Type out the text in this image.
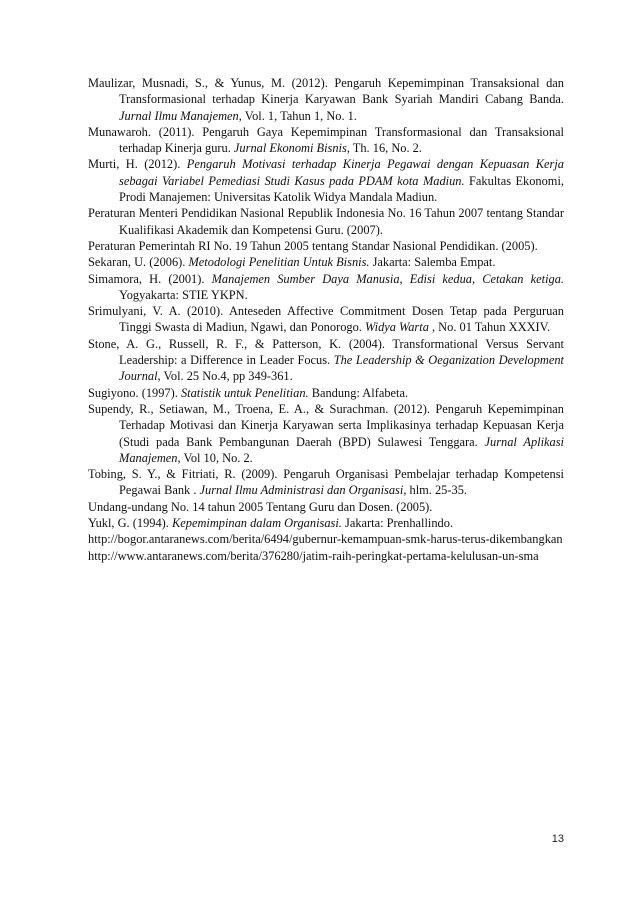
Maulizar, Musnadi, S., & Yunus, M. (2012). Pengaruh Kepemimpinan Transaksional dan Transformasional terhadap Kinerja Karyawan Bank Syariah Mandiri Cabang Banda. Jurnal Ilmu Manajemen, Vol. 1, Tahun 1, No. 1.

Munawaroh. (2011). Pengaruh Gaya Kepemimpinan Transformasional dan Transaksional terhadap Kinerja guru. Jurnal Ekonomi Bisnis, Th. 16, No. 2.

Murti, H. (2012). Pengaruh Motivasi terhadap Kinerja Pegawai dengan Kepuasan Kerja sebagai Variabel Pemediasi Studi Kasus pada PDAM kota Madiun. Fakultas Ekonomi, Prodi Manajemen: Universitas Katolik Widya Mandala Madiun.

Peraturan Menteri Pendidikan Nasional Republik Indonesia No. 16 Tahun 2007 tentang Standar Kualifikasi Akademik dan Kompetensi Guru. (2007).

Peraturan Pemerintah RI No. 19 Tahun 2005 tentang Standar Nasional Pendidikan. (2005).

Sekaran, U. (2006). Metodologi Penelitian Untuk Bisnis. Jakarta: Salemba Empat.

Simamora, H. (2001). Manajemen Sumber Daya Manusia, Edisi kedua, Cetakan ketiga. Yogyakarta: STIE YKPN.

Srimulyani, V. A. (2010). Anteseden Affective Commitment Dosen Tetap pada Perguruan Tinggi Swasta di Madiun, Ngawi, dan Ponorogo. Widya Warta , No. 01 Tahun XXXIV.

Stone, A. G., Russell, R. F., & Patterson, K. (2004). Transformational Versus Servant Leadership: a Difference in Leader Focus. The Leadership & Oeganization Development Journal, Vol. 25 No.4, pp 349-361.

Sugiyono. (1997). Statistik untuk Penelitian. Bandung: Alfabeta.

Supendy, R., Setiawan, M., Troena, E. A., & Surachman. (2012). Pengaruh Kepemimpinan Terhadap Motivasi dan Kinerja Karyawan serta Implikasinya terhadap Kepuasan Kerja (Studi pada Bank Pembangunan Daerah (BPD) Sulawesi Tenggara. Jurnal Aplikasi Manajemen, Vol 10, No. 2.

Tobing, S. Y., & Fitriati, R. (2009). Pengaruh Organisasi Pembelajar terhadap Kompetensi Pegawai Bank . Jurnal Ilmu Administrasi dan Organisasi, hlm. 25-35.

Undang-undang No. 14 tahun 2005 Tentang Guru dan Dosen. (2005).

Yukl, G. (1994). Kepemimpinan dalam Organisasi. Jakarta: Prenhallindo.

http://bogor.antaranews.com/berita/6494/gubernur-kemampuan-smk-harus-terus-dikembangkan

http://www.antaranews.com/berita/376280/jatim-raih-peringkat-pertama-kelulusan-un-sma

13
